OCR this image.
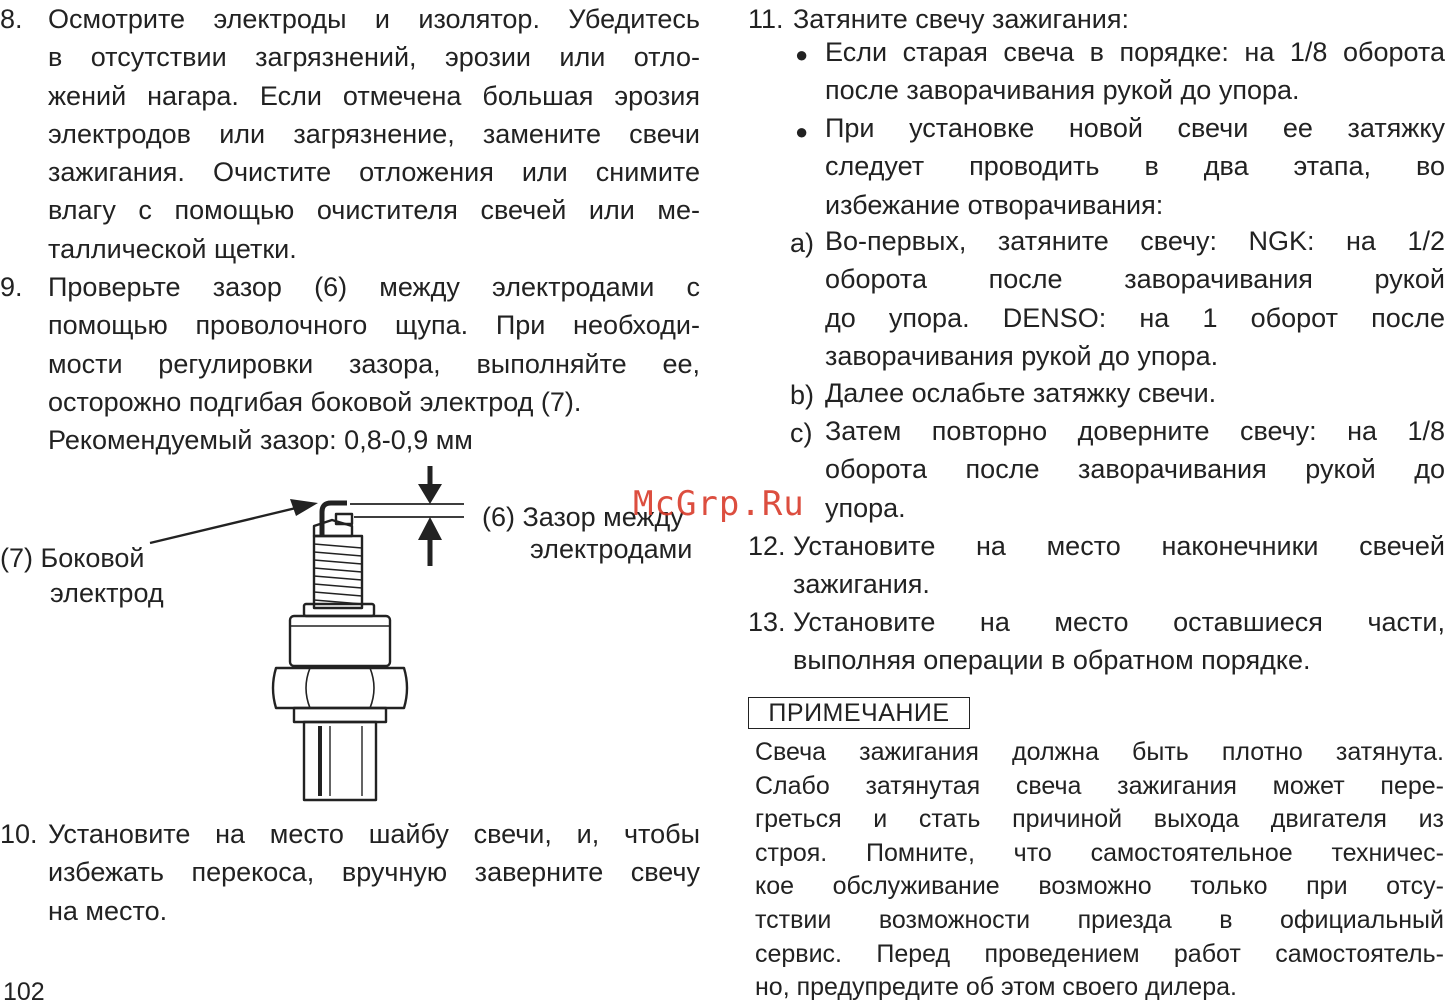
8. Осмотрите электроды и изолятор. Убедитесь
в отсутствии загрязнений, эрозии или отло-
жений нагара. Если отмечена большая эрозия
электродов или загрязнение, замените свечи
зажигания. Очистите отложения или снимите
влагу с помощью очистителя свечей или ме-
таллической щетки.
9. Проверьте зазор (6) между электродами с
помощью проволочного щупа. При необходи-
мости регулировки зазора, выполняйте ее,
осторожно подгибая боковой электрод (7).
Рекомендуемый зазор: 0,8-0,9 мм
(7) Боковой
электрод
(6) Зазор между
электродами
10. Установите на место шайбу свечи, и, чтобы
избежать перекоса, вручную заверните свечу
на место.
102
11. Затяните свечу зажигания:
● Если старая свеча в порядке: на 1/8 оборота
после заворачивания рукой до упора.
● При установке новой свечи ее затяжку
следует проводить в два этапа, во
избежание отворачивания:
a) Во-первых, затяните свечу: NGK: на 1/2
оборота после заворачивания рукой
до упора. DENSO: на 1 оборот после
заворачивания рукой до упора.
b) Далее ослабьте затяжку свечи.
c) Затем повторно доверните свечу: на 1/8
оборота после заворачивания рукой до
упора.
12. Установите на место наконечники свечей
зажигания.
13. Установите на место оставшиеся части,
выполняя операции в обратном порядке.
ПРИМЕЧАНИЕ
Свеча зажигания должна быть плотно затянута.
Слабо затянутая свеча зажигания может пере-
греться и стать причиной выхода двигателя из
строя. Помните, что самостоятельное техничес-
кое обслуживание возможно только при отсу-
тствии возможности приезда в официальный
сервис. Перед проведением работ самостоятель-
но, предупредите об этом своего дилера.
McGrp.Ru
